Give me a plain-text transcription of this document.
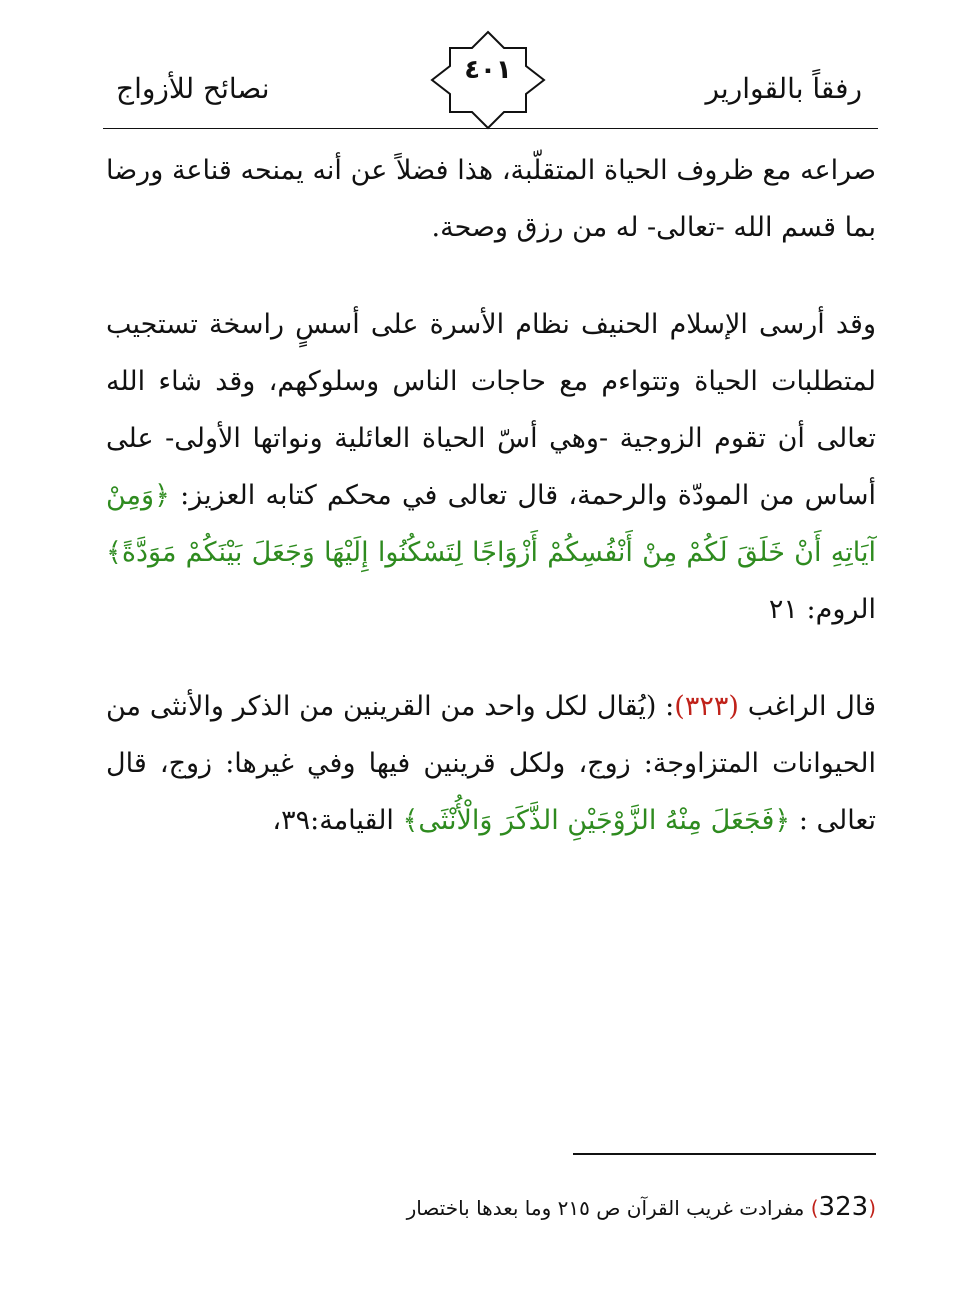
رفقاً بالقوارير
٤٠١
نصائح للأزواج

صراعه مع ظروف الحياة المتقلّبة، هذا فضلاً عن أنه يمنحه قناعة ورضا بما قسم الله -تعالى- له من رزق وصحة.

وقد أرسى الإسلام الحنيف نظام الأسرة على أسسٍ راسخة تستجيب لمتطلبات الحياة وتتواءم مع حاجات الناس وسلوكهم، وقد شاء الله تعالى أن تقوم الزوجية -وهي أسّ الحياة العائلية ونواتها الأولى- على أساس من المودّة والرحمة، قال تعالى في محكم كتابه العزيز: ﴿وَمِنْ آيَاتِهِ أَنْ خَلَقَ لَكُمْ مِنْ أَنْفُسِكُمْ أَزْوَاجًا لِتَسْكُنُوا إِلَيْهَا وَجَعَلَ بَيْنَكُمْ مَوَدَّةً﴾ الروم: ٢١

قال الراغب (٣٢٣): (يُقال لكل واحد من القرينين من الذكر والأنثى من الحيوانات المتزاوجة: زوج، ولكل قرينين فيها وفي غيرها: زوج، قال تعالى : ﴿فَجَعَلَ مِنْهُ الزَّوْجَيْنِ الذَّكَرَ وَالْأُنْثَى﴾ القيامة:٣٩،

(323) مفرادت غريب القرآن ص ٢١٥ وما بعدها باختصار
